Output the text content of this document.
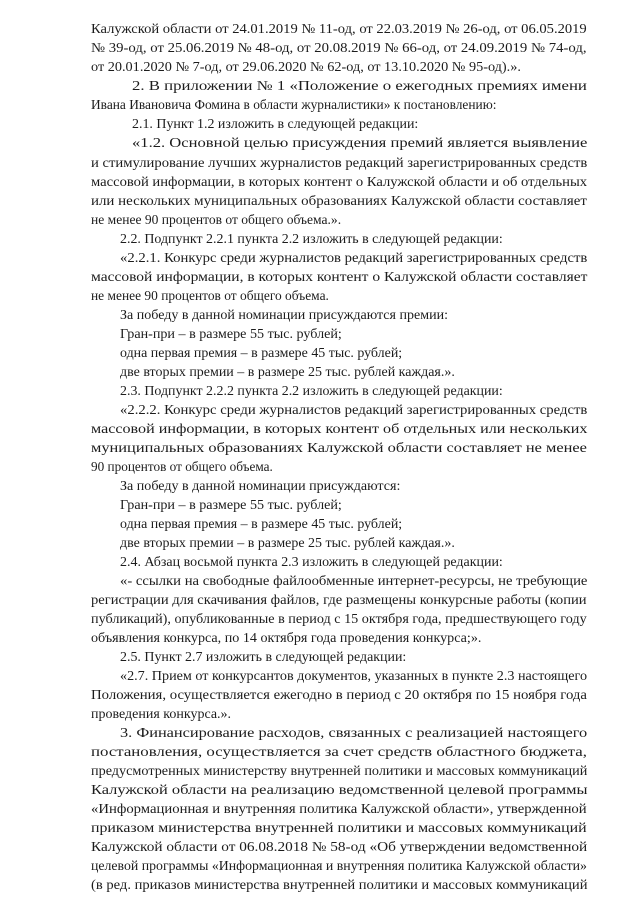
Калужской области от 24.01.2019 № 11-од, от 22.03.2019 № 26-од, от 06.05.2019
№ 39-од, от 25.06.2019 № 48-од, от 20.08.2019 № 66-од, от 24.09.2019 № 74-од,
от 20.01.2020 № 7-од, от 29.06.2020 № 62-од, от 13.10.2020 № 95-од).».
2. В приложении № 1 «Положение о ежегодных премиях имени
Ивана Ивановича Фомина в области журналистики» к постановлению:
2.1. Пункт 1.2 изложить в следующей редакции:
«1.2. Основной целью присуждения премий является выявление
и стимулирование лучших журналистов редакций зарегистрированных средств
массовой информации, в которых контент о Калужской области и об отдельных
или нескольких муниципальных образованиях Калужской области составляет
не менее 90 процентов от общего объема.».
2.2. Подпункт 2.2.1 пункта 2.2 изложить в следующей редакции:
«2.2.1. Конкурс среди журналистов редакций зарегистрированных средств
массовой информации, в которых контент о Калужской области составляет
не менее 90 процентов от общего объема.
За победу в данной номинации присуждаются премии:
Гран-при – в размере 55 тыс. рублей;
одна первая премия – в размере 45 тыс. рублей;
две вторых премии – в размере 25 тыс. рублей каждая.».
2.3. Подпункт 2.2.2 пункта 2.2 изложить в следующей редакции:
«2.2.2. Конкурс среди журналистов редакций зарегистрированных средств
массовой информации, в которых контент об отдельных или нескольких
муниципальных образованиях Калужской области составляет не менее
90 процентов от общего объема.
За победу в данной номинации присуждаются:
Гран-при – в размере 55 тыс. рублей;
одна первая премия – в размере 45 тыс. рублей;
две вторых премии – в размере 25 тыс. рублей каждая.».
2.4. Абзац восьмой пункта 2.3 изложить в следующей редакции:
«- ссылки на свободные файлообменные интернет-ресурсы, не требующие
регистрации для скачивания файлов, где размещены конкурсные работы (копии
публикаций), опубликованные в период с 15 октября года, предшествующего году
объявления конкурса, по 14 октября года проведения конкурса;».
2.5. Пункт 2.7 изложить в следующей редакции:
«2.7. Прием от конкурсантов документов, указанных в пункте 2.3 настоящего
Положения, осуществляется ежегодно в период с 20 октября по 15 ноября года
проведения конкурса.».
3. Финансирование расходов, связанных с реализацией настоящего
постановления, осуществляется за счет средств областного бюджета,
предусмотренных министерству внутренней политики и массовых коммуникаций
Калужской области на реализацию ведомственной целевой программы
«Информационная и внутренняя политика Калужской области», утвержденной
приказом министерства внутренней политики и массовых коммуникаций
Калужской области от 06.08.2018 № 58-од «Об утверждении ведомственной
целевой программы «Информационная и внутренняя политика Калужской области»
(в ред. приказов министерства внутренней политики и массовых коммуникаций
